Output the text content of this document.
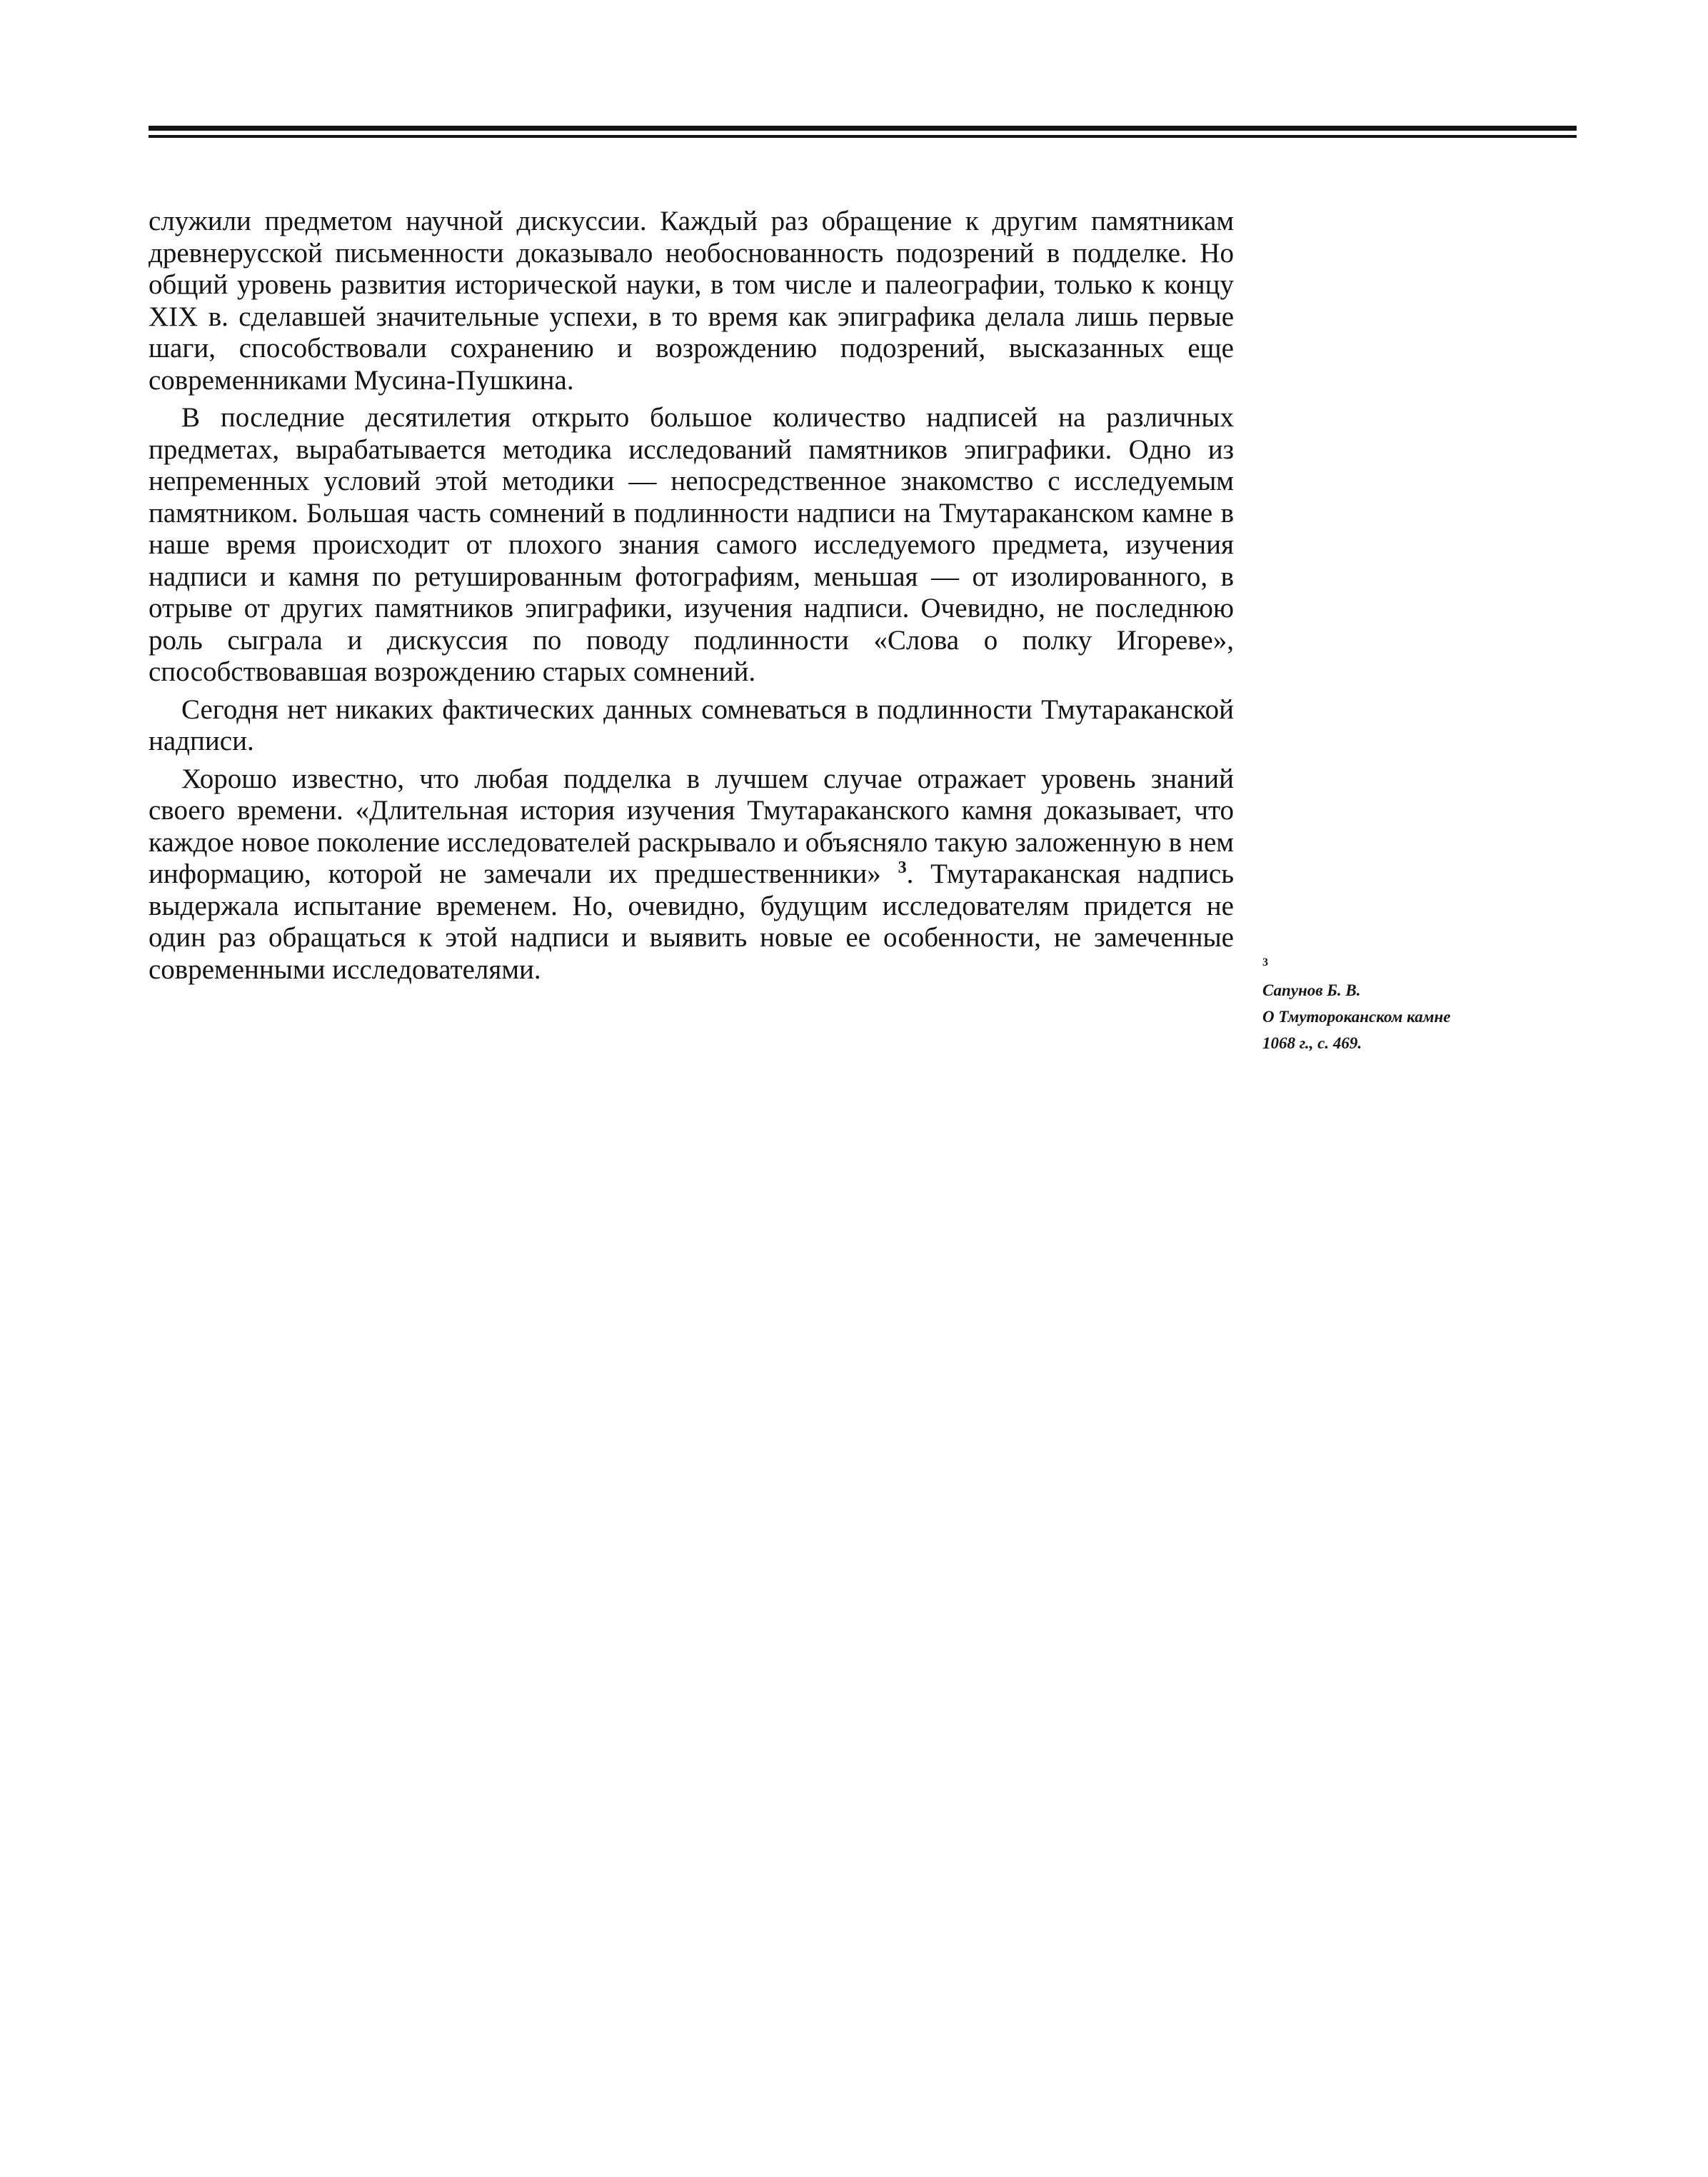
служили предметом научной дискуссии. Каждый раз обращение к другим памятникам древнерусской письменности доказывало необоснованность подозрений в подделке. Но общий уровень развития исторической науки, в том числе и палеографии, только к концу XIX в. сделавшей значительные успехи, в то время как эпиграфика делала лишь первые шаги, способствовали сохранению и возрождению подозрений, высказанных еще современниками Мусина-Пушкина.

В последние десятилетия открыто большое количество надписей на различных предметах, вырабатывается методика исследований памятников эпиграфики. Одно из непременных условий этой методики — непосредственное знакомство с исследуемым памятником. Большая часть сомнений в подлинности надписи на Тмутараканском камне в наше время происходит от плохого знания самого исследуемого предмета, изучения надписи и камня по ретушированным фотографиям, меньшая — от изолированного, в отрыве от других памятников эпиграфики, изучения надписи. Очевидно, не последнюю роль сыграла и дискуссия по поводу подлинности «Слова о полку Игореве», способствовавшая возрождению старых сомнений.

Сегодня нет никаких фактических данных сомневаться в подлинности Тмутараканской надписи.

Хорошо известно, что любая подделка в лучшем случае отражает уровень знаний своего времени. «Длительная история изучения Тмутараканского камня доказывает, что каждое новое поколение исследователей раскрывало и объясняло такую заложенную в нем информацию, которой не замечали их предшественники» $^3$. Тмутараканская надпись выдержала испытание временем. Но, очевидно, будущим исследователям придется не один раз обращаться к этой надписи и выявить новые ее особенности, не замеченные современными исследователями.	3
Сапунов Б. В.
О Тмутороканском камне
1068 г., с. 469.
